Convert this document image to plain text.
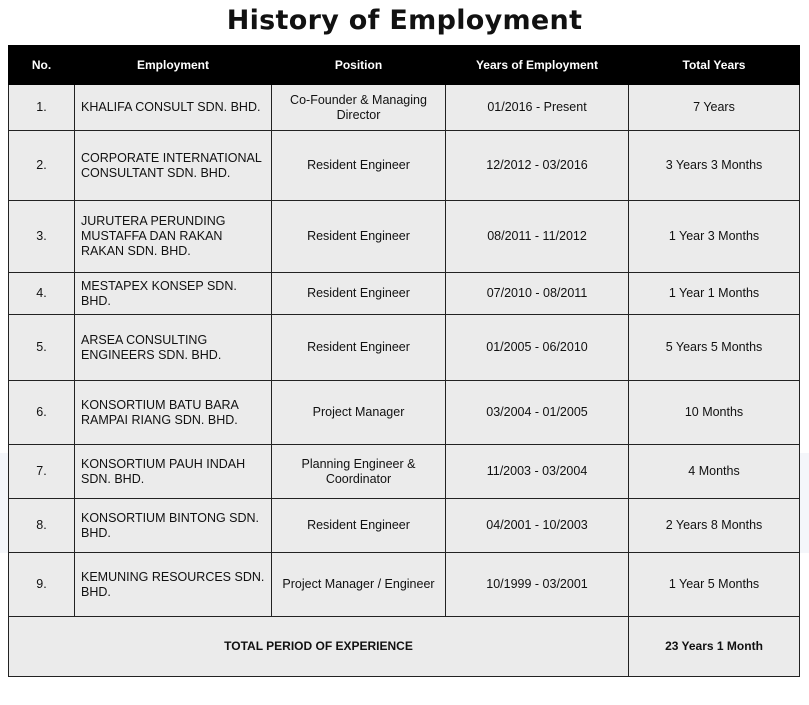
History of Employment
No.	Employment	Position	Years of Employment	Total Years
1.	KHALIFA CONSULT SDN. BHD.	Co-Founder & Managing Director	01/2016 - Present	7 Years
2.	CORPORATE INTERNATIONAL CONSULTANT SDN. BHD.	Resident Engineer	12/2012 - 03/2016	3 Years 3 Months
3.	JURUTERA PERUNDING MUSTAFFA DAN RAKAN RAKAN SDN. BHD.	Resident Engineer	08/2011 - 11/2012	1 Year 3 Months
4.	MESTAPEX KONSEP SDN. BHD.	Resident Engineer	07/2010 - 08/2011	1 Year 1 Months
5.	ARSEA CONSULTING ENGINEERS SDN. BHD.	Resident Engineer	01/2005 - 06/2010	5 Years 5 Months
6.	KONSORTIUM BATU BARA RAMPAI RIANG SDN. BHD.	Project Manager	03/2004 - 01/2005	10 Months
7.	KONSORTIUM PAUH INDAH SDN. BHD.	Planning Engineer & Coordinator	11/2003 - 03/2004	4 Months
8.	KONSORTIUM BINTONG SDN. BHD.	Resident Engineer	04/2001 - 10/2003	2 Years 8 Months
9.	KEMUNING RESOURCES SDN. BHD.	Project Manager / Engineer	10/1999 - 03/2001	1 Year 5 Months
TOTAL PERIOD OF EXPERIENCE				23 Years 1 Month
